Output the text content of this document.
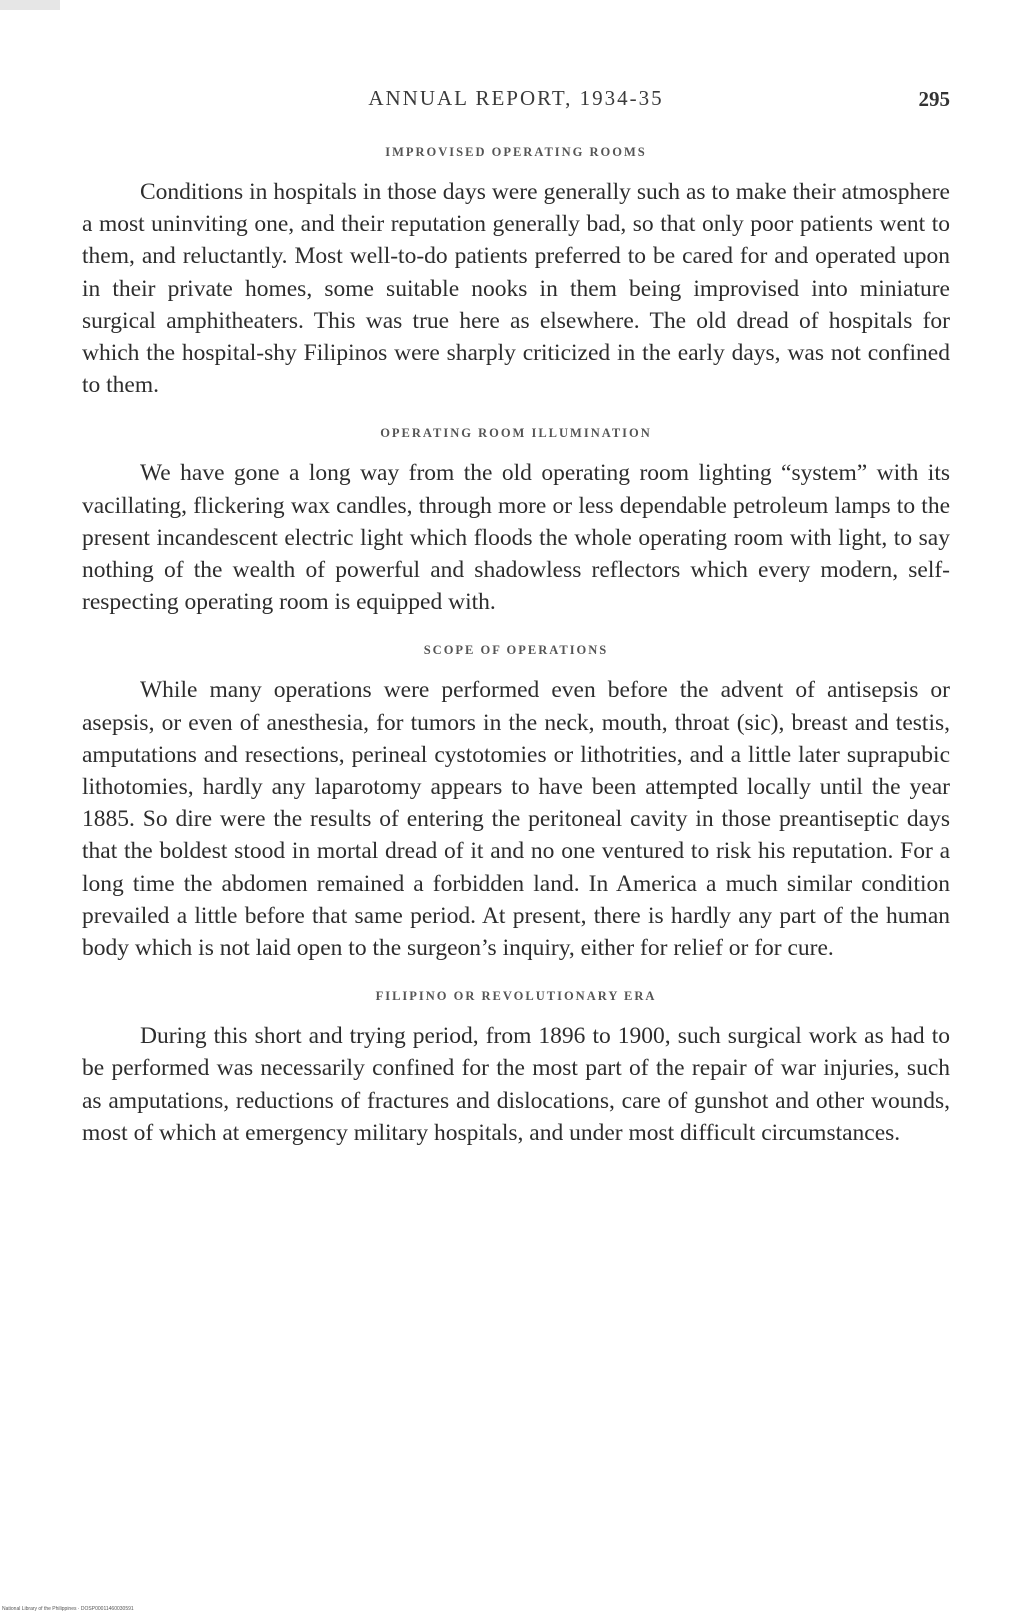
ANNUAL REPORT, 1934-35	295
IMPROVISED OPERATING ROOMS

Conditions in hospitals in those days were generally such as to make their atmosphere a most uninviting one, and their reputation generally bad, so that only poor patients went to them, and reluctantly. Most well-to-do patients preferred to be cared for and operated upon in their private homes, some suitable nooks in them being improvised into miniature surgical amphitheaters. This was true here as elsewhere. The old dread of hospitals for which the hospital-shy Filipinos were sharply criticized in the early days, was not confined to them.

OPERATING ROOM ILLUMINATION

We have gone a long way from the old operating room lighting “system” with its vacillating, flickering wax candles, through more or less dependable petroleum lamps to the present incandescent electric light which floods the whole operating room with light, to say nothing of the wealth of powerful and shadowless reflectors which every modern, self-respecting operating room is equipped with.

SCOPE OF OPERATIONS

While many operations were performed even before the advent of antisepsis or asepsis, or even of anesthesia, for tumors in the neck, mouth, throat (sic), breast and testis, amputations and resections, perineal cystotomies or lithotrities, and a little later suprapubic lithotomies, hardly any laparotomy appears to have been attempted locally until the year 1885. So dire were the results of entering the peritoneal cavity in those preantiseptic days that the boldest stood in mortal dread of it and no one ventured to risk his reputation. For a long time the abdomen remained a forbidden land. In America a much similar condition prevailed a little before that same period. At present, there is hardly any part of the human body which is not laid open to the surgeon’s inquiry, either for relief or for cure.

FILIPINO OR REVOLUTIONARY ERA

During this short and trying period, from 1896 to 1900, such surgical work as had to be performed was necessarily confined for the most part of the repair of war injuries, such as amputations, reductions of fractures and dislocations, care of gunshot and other wounds, most of which at emergency military hospitals, and under most difficult circumstances.

National Library of the Philippines · DOSP00011460030591
